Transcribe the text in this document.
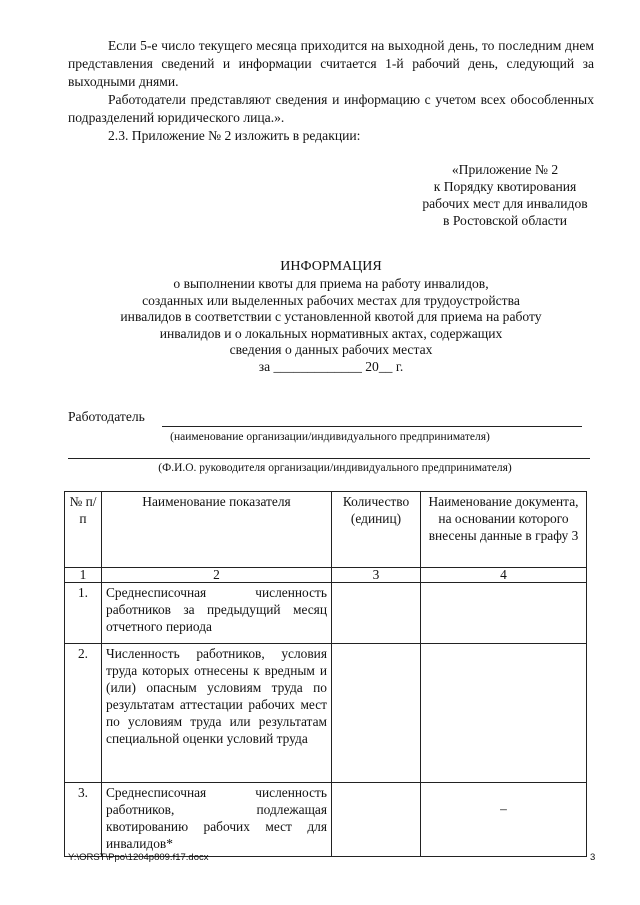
Если 5-е число текущего месяца приходится на выходной день, то последним днем представления сведений и информации считается 1-й рабочий день, следующий за выходными днями.
Работодатели представляют сведения и информацию с учетом всех обособленных подразделений юридического лица.».
2.3. Приложение № 2 изложить в редакции:
«Приложение № 2
к Порядку квотирования
рабочих мест для инвалидов
в Ростовской области
ИНФОРМАЦИЯ
о выполнении квоты для приема на работу инвалидов,
созданных или выделенных рабочих местах для трудоустройства
инвалидов в соответствии с установленной квотой для приема на работу
инвалидов и о локальных нормативных актах, содержащих
сведения о данных рабочих местах
за _____________ 20__ г.
Работодатель
(наименование организации/индивидуального предпринимателя)
(Ф.И.О. руководителя организации/индивидуального предпринимателя)
№ п/п	Наименование показателя	Количество (единиц)	Наименование документа, на основании которого внесены данные в графу 3
1	2	3	4
1.	Среднесписочная численность работников за предыдущий месяц отчетного периода		
2.	Численность работников, условия труда которых отнесены к вредным и (или) опасным условиям труда по результатам аттестации рабочих мест по условиям труда или результатам специальной оценки условий труда		
3.	Среднесписочная численность работников, подлежащая квотированию рабочих мест для инвалидов*		–
Y:\ORST\Ppo\1204p809.f17.docx	3
